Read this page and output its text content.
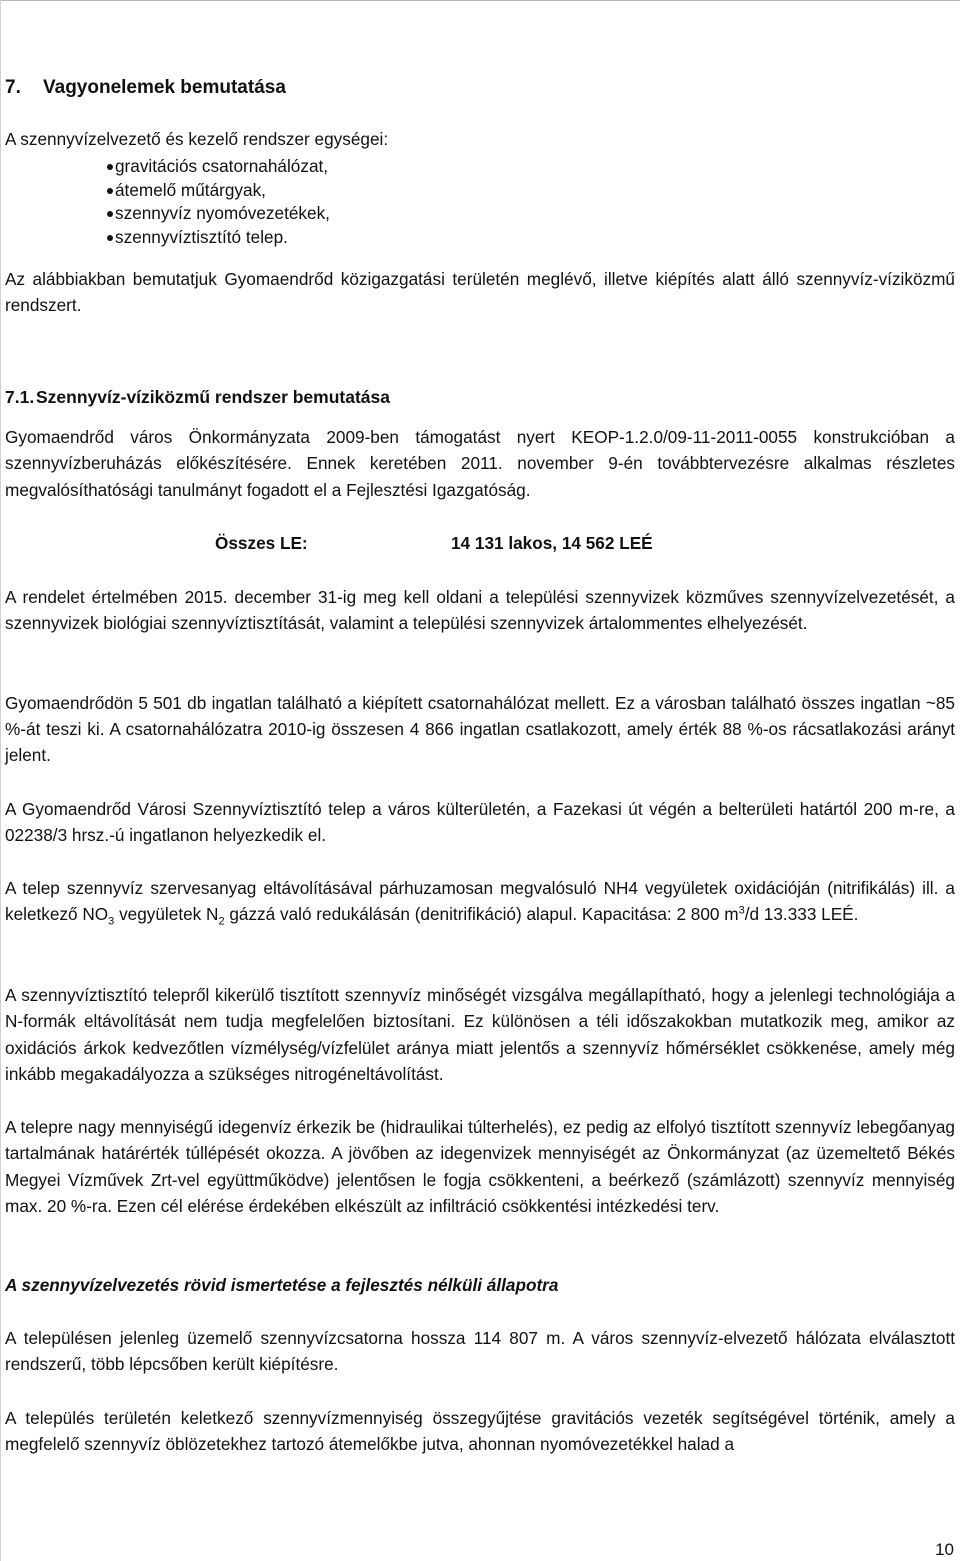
7. Vagyonelemek bemutatása
A szennyvízelvezető és kezelő rendszer egységei:
gravitációs csatornahálózat,
átemelő műtárgyak,
szennyvíz nyomóvezetékek,
szennyvíztisztító telep.

Az alábbiakban bemutatjuk Gyomaendrőd közigazgatási területén meglévő, illetve kiépítés alatt álló szennyvíz-víziközmű rendszert.

7.1. Szennyvíz-víziközmű rendszer bemutatása

Gyomaendrőd város Önkormányzata 2009-ben támogatást nyert KEOP-1.2.0/09-11-2011-0055 konstrukcióban a szennyvízberuházás előkészítésére. Ennek keretében 2011. november 9-én továbbtervezésre alkalmas részletes megvalósíthatósági tanulmányt fogadott el a Fejlesztési Igazgatóság.

Összes LE:	14 131 lakos, 14 562 LEÉ

A rendelet értelmében 2015. december 31-ig meg kell oldani a települési szennyvizek közműves szennyvízelvezetését, a szennyvizek biológiai szennyvíztisztítását, valamint a települési szennyvizek ártalommentes elhelyezését.

Gyomaendrődön 5 501 db ingatlan található a kiépített csatornahálózat mellett. Ez a városban található összes ingatlan ~85 %-át teszi ki. A csatornahálózatra 2010-ig összesen 4 866 ingatlan csatlakozott, amely érték 88 %-os rácsatlakozási arányt jelent.

A Gyomaendrőd Városi Szennyvíztisztító telep a város külterületén, a Fazekasi út végén a belterületi határtól 200 m-re, a 02238/3 hrsz.-ú ingatlanon helyezkedik el.

A telep szennyvíz szervesanyag eltávolításával párhuzamosan megvalósuló NH4 vegyületek oxidációján (nitrifikálás) ill. a keletkező $NO_3$ vegyületek $N_2$ gázzá való redukálásán (denitrifikáció) alapul. Kapacitása: 2 800 $m^3/d$ 13.333 LEÉ.

A szennyvíztisztító telepről kikerülő tisztított szennyvíz minőségét vizsgálva megállapítható, hogy a jelenlegi technológiája a N-formák eltávolítását nem tudja megfelelően biztosítani. Ez különösen a téli időszakokban mutatkozik meg, amikor az oxidációs árkok kedvezőtlen vízmélység/vízfelület aránya miatt jelentős a szennyvíz hőmérséklet csökkenése, amely még inkább megakadályozza a szükséges nitrogéneltávolítást.

A telepre nagy mennyiségű idegenvíz érkezik be (hidraulikai túlterhelés), ez pedig az elfolyó tisztított szennyvíz lebegőanyag tartalmának határérték túllépését okozza. A jövőben az idegenvizek mennyiségét az Önkormányzat (az üzemeltető Békés Megyei Vízművek Zrt-vel együttműködve) jelentősen le fogja csökkenteni, a beérkező (számlázott) szennyvíz mennyiség max. 20 %-ra. Ezen cél elérése érdekében elkészült az infiltráció csökkentési intézkedési terv.

A szennyvízelvezetés rövid ismertetése a fejlesztés nélküli állapotra

A településen jelenleg üzemelő szennyvízcsatorna hossza 114 807 m. A város szennyvíz-elvezető hálózata elválasztott rendszerű, több lépcsőben került kiépítésre.

A település területén keletkező szennyvízmennyiség összegyűjtése gravitációs vezeték segítségével történik, amely a megfelelő szennyvíz öblözetekhez tartozó átemelőkbe jutva, ahonnan nyomóvezetékkel halad a

10
